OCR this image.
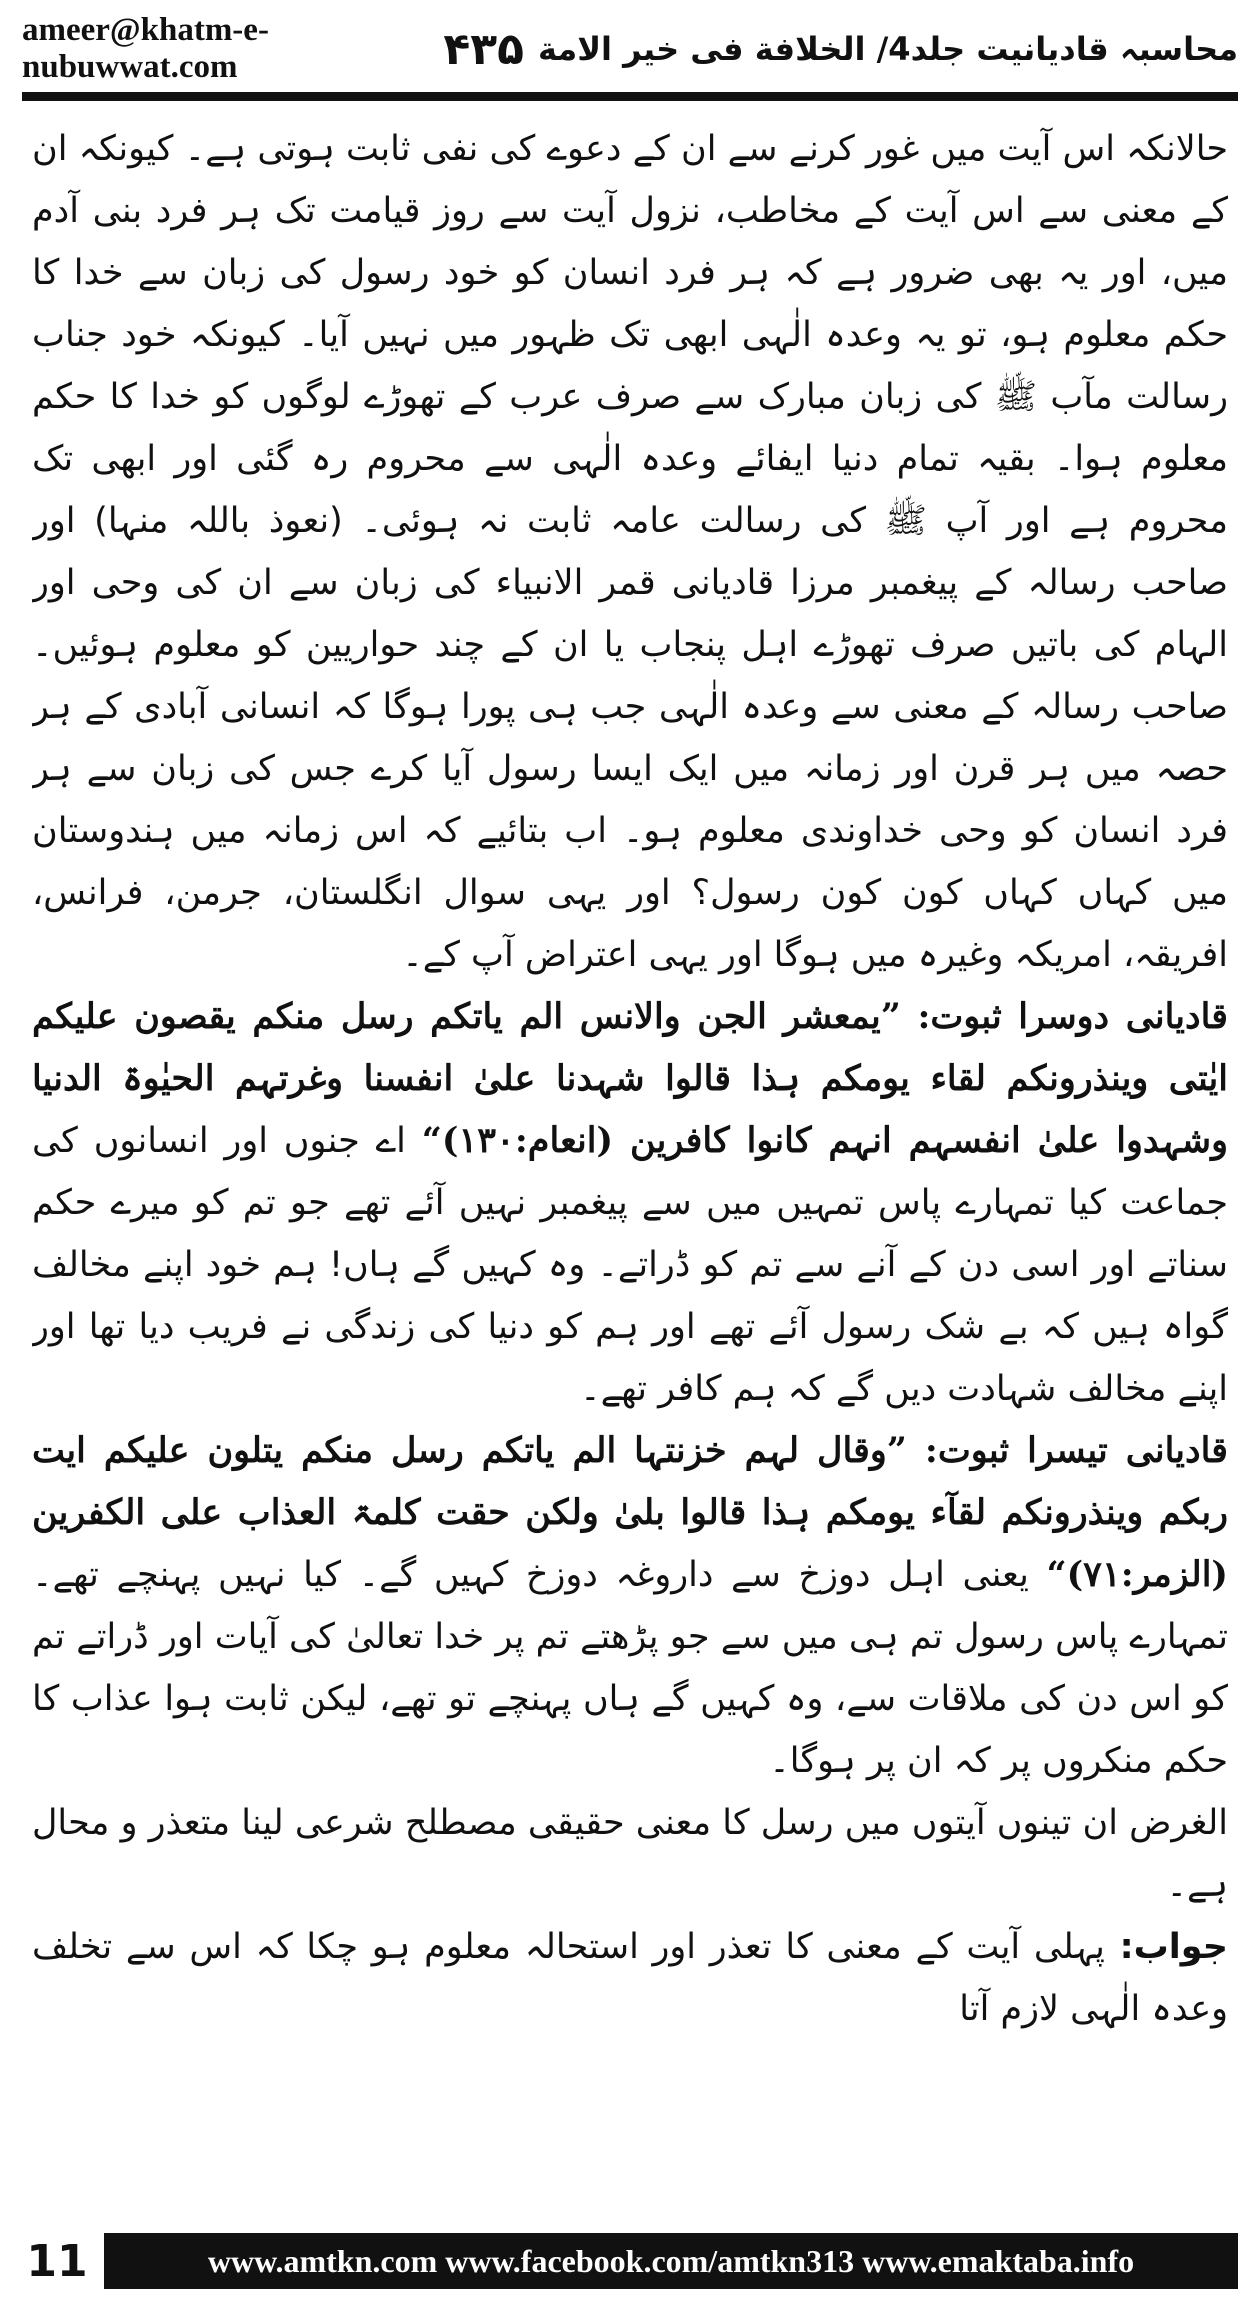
محاسبہ قادیانیت جلد4/ الخلافة فی خیر الامة
۴۳۵
ameer@khatm-e-nubuwwat.com

حالانکہ اس آیت میں غور کرنے سے ان کے دعوے کی نفی ثابت ہوتی ہے۔ کیونکہ ان کے معنی سے اس آیت کے مخاطب، نزول آیت سے روز قیامت تک ہر فرد بنی آدم میں، اور یہ بھی ضرور ہے کہ ہر فرد انسان کو خود رسول کی زبان سے خدا کا حکم معلوم ہو، تو یہ وعدہ الٰہی ابھی تک ظہور میں نہیں آیا۔ کیونکہ خود جناب رسالت مآب ﷺ کی زبان مبارک سے صرف عرب کے تھوڑے لوگوں کو خدا کا حکم معلوم ہوا۔ بقیہ تمام دنیا ایفائے وعدہ الٰہی سے محروم رہ گئی اور ابھی تک محروم ہے اور آپ ﷺ کی رسالت عامہ ثابت نہ ہوئی۔ (نعوذ باللہ منہا) اور صاحب رسالہ کے پیغمبر مرزا قادیانی قمر الانبیاء کی زبان سے ان کی وحی اور الہام کی باتیں صرف تھوڑے اہل پنجاب یا ان کے چند حواریین کو معلوم ہوئیں۔ صاحب رسالہ کے معنی سے وعدہ الٰہی جب ہی پورا ہوگا کہ انسانی آبادی کے ہر حصہ میں ہر قرن اور زمانہ میں ایک ایسا رسول آیا کرے جس کی زبان سے ہر فرد انسان کو وحی خداوندی معلوم ہو۔ اب بتائیے کہ اس زمانہ میں ہندوستان میں کہاں کہاں کون کون رسول؟ اور یہی سوال انگلستان، جرمن، فرانس، افریقہ، امریکہ وغیرہ میں ہوگا اور یہی اعتراض آپ کے۔

قادیانی دوسرا ثبوت: ”یمعشر الجن والانس الم یاتکم رسل منکم یقصون علیکم ایٰتی وینذرونکم لقاء یومکم ہذا قالوا شہدنا علیٰ انفسنا وغرتہم الحیٰوۃ الدنیا وشہدوا علیٰ انفسہم انہم کانوا کافرین (انعام:۱۳۰)“ اے جنوں اور انسانوں کی جماعت کیا تمہارے پاس تمہیں میں سے پیغمبر نہیں آئے تھے جو تم کو میرے حکم سناتے اور اسی دن کے آنے سے تم کو ڈراتے۔ وہ کہیں گے ہاں! ہم خود اپنے مخالف گواہ ہیں کہ بے شک رسول آئے تھے اور ہم کو دنیا کی زندگی نے فریب دیا تھا اور اپنے مخالف شہادت دیں گے کہ ہم کافر تھے۔

قادیانی تیسرا ثبوت: ”وقال لہم خزنتہا الم یاتکم رسل منکم یتلون علیکم ایت ربکم وینذرونکم لقآء یومکم ہذا قالوا بلیٰ ولکن حقت کلمۃ العذاب علی الکفرین (الزمر:۷۱)“ یعنی اہل دوزخ سے داروغہ دوزخ کہیں گے۔ کیا نہیں پہنچے تھے۔ تمہارے پاس رسول تم ہی میں سے جو پڑھتے تم پر خدا تعالیٰ کی آیات اور ڈراتے تم کو اس دن کی ملاقات سے، وہ کہیں گے ہاں پہنچے تو تھے، لیکن ثابت ہوا عذاب کا حکم منکروں پر کہ ان پر ہوگا۔

الغرض ان تینوں آیتوں میں رسل کا معنی حقیقی مصطلح شرعی لینا متعذر و محال ہے۔

جواب: پہلی آیت کے معنی کا تعذر اور استحالہ معلوم ہو چکا کہ اس سے تخلف وعدہ الٰہی لازم آتا

11	www.amtkn.com www.facebook.com/amtkn313 www.emaktaba.info
